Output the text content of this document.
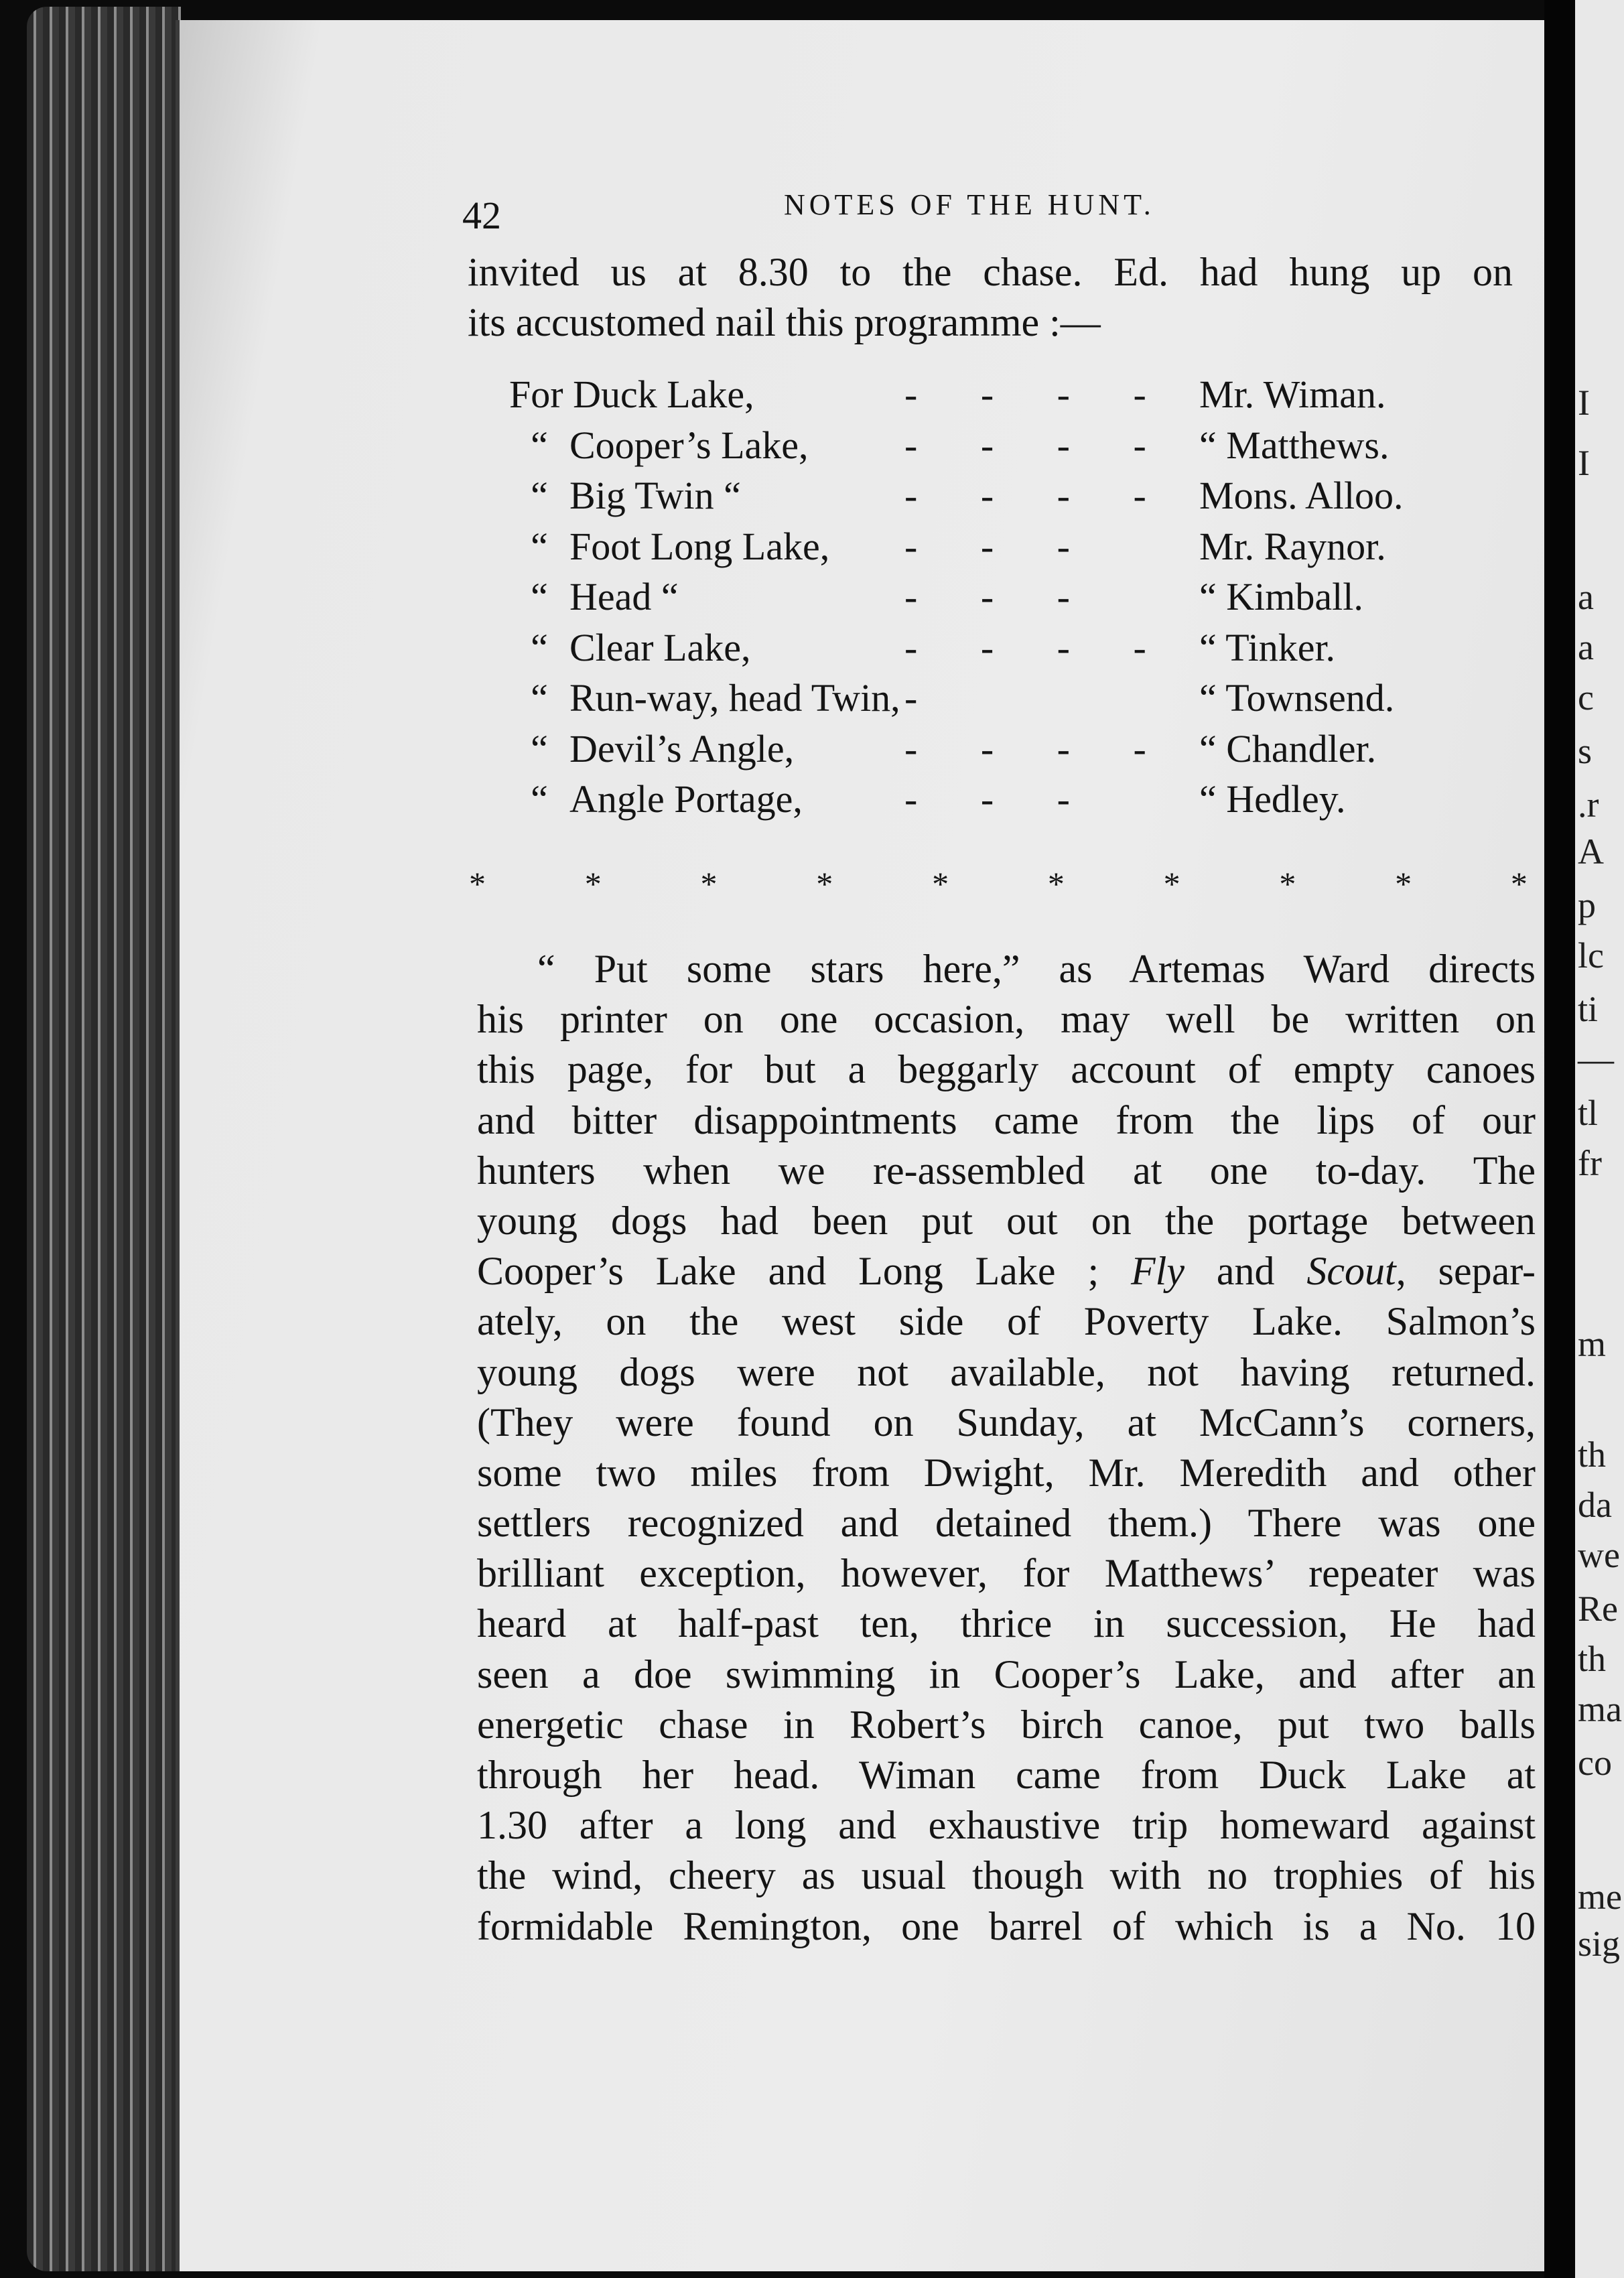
42	NOTES OF THE HUNT.
invited us at 8.30 to the chase. Ed. had hung up on
its accustomed nail this programme :—
For Duck Lake,	- - - - Mr. Wiman.
“ Cooper’s Lake, - - - - “ Matthews.
“ Big Twin “	- - - - Mons. Alloo.
“ Foot Long Lake, - - -	Mr. Raynor.
“ Head “	- - -	“ Kimball.
“ Clear Lake,	- - - - “ Tinker.
“ Run-way, head Twin, -	“ Townsend.
“ Devil’s Angle,	- - - - “ Chandler.
“ Angle Portage,	- - -	“ Hedley.
*	*	*	*	*	*	*	*	*	*
“ Put some stars here,” as Artemas Ward directs
his printer on one occasion, may well be written on
this page, for but a beggarly account of empty canoes
and bitter disappointments came from the lips of our
hunters when we re-assembled at one to-day. The
young dogs had been put out on the portage between
Cooper’s Lake and Long Lake ; Fly and Scout, separ-
ately, on the west side of Poverty Lake. Salmon’s
young dogs were not available, not having returned.
(They were found on Sunday, at McCann’s corners,
some two miles from Dwight, Mr. Meredith and other
settlers recognized and detained them.) There was one
brilliant exception, however, for Matthews’ repeater was
heard at half-past ten, thrice in succession, He had
seen a doe swimming in Cooper’s Lake, and after an
energetic chase in Robert’s birch canoe, put two balls
through her head. Wiman came from Duck Lake at
1.30 after a long and exhaustive trip homeward against
the wind, cheery as usual though with no trophies of his
formidable Remington, one barrel of which is a No. 10
I
I
a
a
c
s
.r
A
p
lc
ti
—
tl
fr
m
th
da
we
Re
th
ma
co
me
sig
